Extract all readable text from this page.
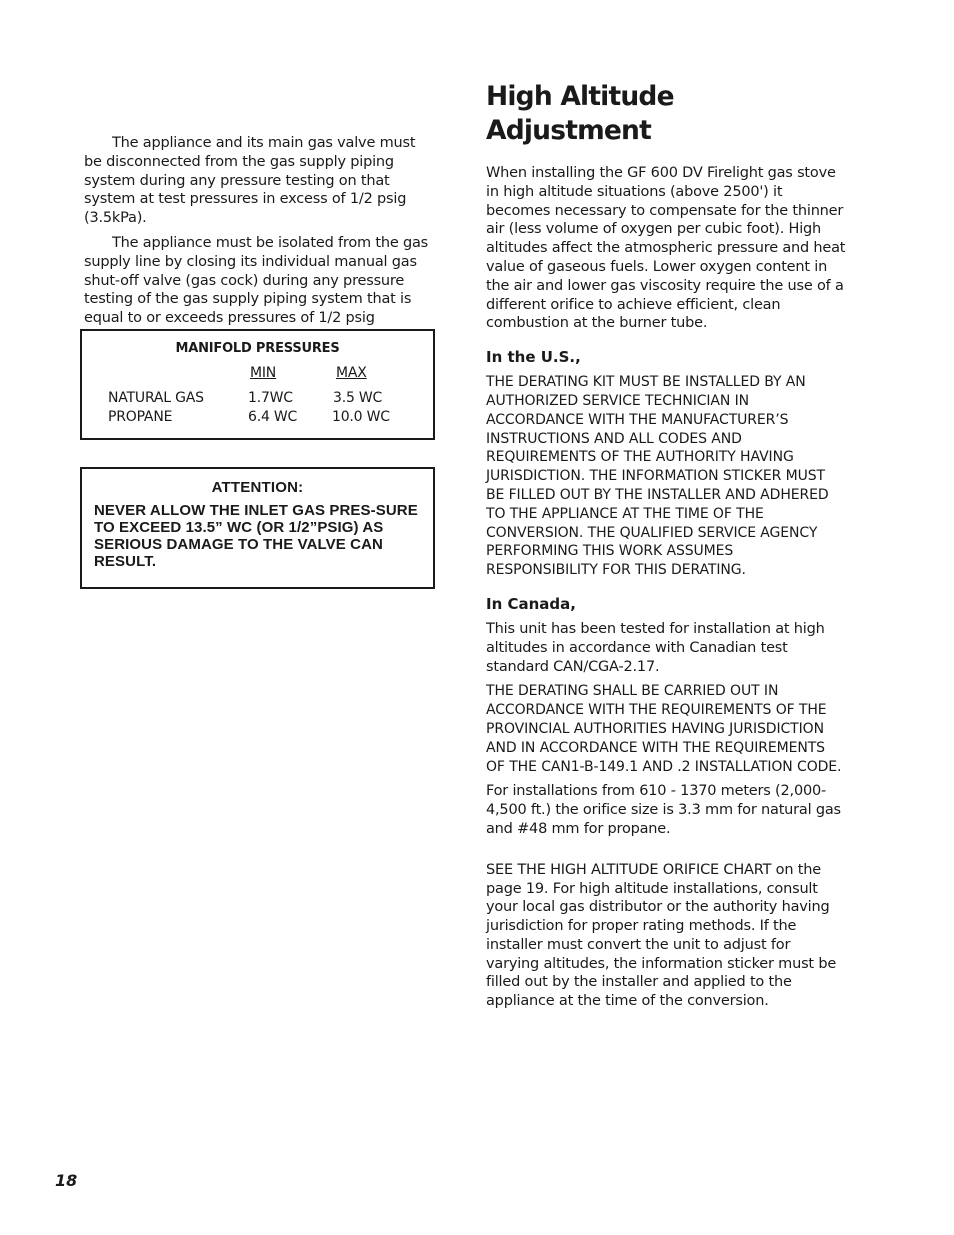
The appliance and its main gas valve must be disconnected from the gas supply piping system during any pressure testing on that system at test pressures in excess of 1/2 psig (3.5kPa).

The appliance must be isolated from the gas supply line by closing its individual manual gas shut-off valve (gas cock) during any pressure testing of the gas supply piping system that is equal to or exceeds pressures of 1/2 psig

MANIFOLD PRESSURES
MIN	MAX
NATURAL GAS	1.7WC	3.5 WC
PROPANE	6.4 WC 10.0 WC
ATTENTION:
NEVER ALLOW THE INLET GAS PRES-SURE TO EXCEED 13.5” WC (OR 1/2”PSIG) AS SERIOUS DAMAGE TO THE VALVE CAN RESULT.
High Altitude Adjustment

When installing the GF 600 DV Firelight gas stove in high altitude situations (above 2500') it becomes necessary to compensate for the thinner air (less volume of oxygen per cubic foot). High altitudes affect the atmospheric pressure and heat value of gaseous fuels. Lower oxygen content in the air and lower gas viscosity require the use of a different orifice to achieve efficient, clean combustion at the burner tube.

In the U.S.,

THE DERATING KIT MUST BE INSTALLED BY AN AUTHORIZED SERVICE TECHNICIAN IN ACCORDANCE WITH THE MANUFACTURER’S INSTRUCTIONS AND ALL CODES AND REQUIREMENTS OF THE AUTHORITY HAVING JURISDICTION. THE INFORMATION STICKER MUST BE FILLED OUT BY THE INSTALLER AND ADHERED TO THE APPLIANCE AT THE TIME OF THE CONVERSION. THE QUALIFIED SERVICE AGENCY PERFORMING THIS WORK ASSUMES RESPONSIBILITY FOR THIS DERATING.

In Canada,

This unit has been tested for installation at high altitudes in accordance with Canadian test standard CAN/CGA-2.17.

THE DERATING SHALL BE CARRIED OUT IN ACCORDANCE WITH THE REQUIREMENTS OF THE PROVINCIAL AUTHORITIES HAVING JURISDICTION AND IN ACCORDANCE WITH THE REQUIREMENTS OF THE CAN1-B-149.1 AND .2 INSTALLATION CODE.

For installations from 610 - 1370 meters (2,000-4,500 ft.) the orifice size is 3.3 mm for natural gas and #48 mm for propane.

SEE THE HIGH ALTITUDE ORIFICE CHART on the page 19. For high altitude installations, consult your local gas distributor or the authority having jurisdiction for proper rating methods. If the installer must convert the unit to adjust for varying altitudes, the information sticker must be filled out by the installer and applied to the appliance at the time of the conversion.

18
